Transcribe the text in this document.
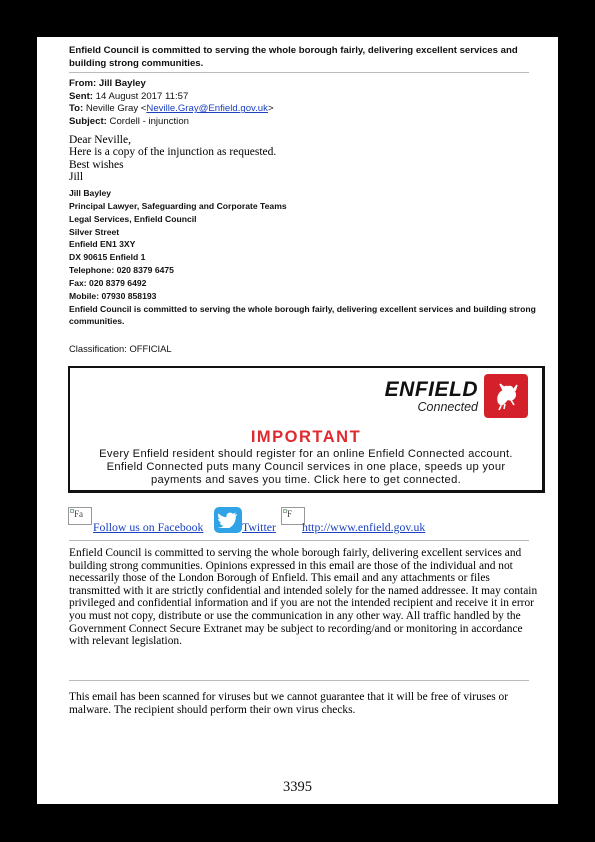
Enfield Council is committed to serving the whole borough fairly, delivering excellent services and building strong communities.
From: Jill Bayley
Sent: 14 August 2017 11:57
To: Neville Gray <Neville.Gray@Enfield.gov.uk>
Subject: Cordell - injunction
Dear Neville,
Here is a copy of the injunction as requested.
Best wishes
Jill
Jill Bayley
Principal Lawyer, Safeguarding and Corporate Teams
Legal Services, Enfield Council
Silver Street
Enfield EN1 3XY
DX 90615 Enfield 1
Telephone: 020 8379 6475
Fax: 020 8379 6492
Mobile: 07930 858193
Enfield Council is committed to serving the whole borough fairly, delivering excellent services and building strong communities.
Classification: OFFICIAL
ENFIELD
Connected
IMPORTANT
Every Enfield resident should register for an online Enfield Connected account.
Enfield Connected puts many Council services in one place, speeds up your
payments and saves you time. Click here to get connected.
Fa
Follow us on Facebook	Twitter
F
http://www.enfield.gov.uk
Enfield Council is committed to serving the whole borough fairly, delivering excellent services and building strong communities. Opinions expressed in this email are those of the individual and not necessarily those of the London Borough of Enfield. This email and any attachments or files transmitted with it are strictly confidential and intended solely for the named addressee. It may contain privileged and confidential information and if you are not the intended recipient and receive it in error you must not copy, distribute or use the communication in any other way. All traffic handled by the Government Connect Secure Extranet may be subject to recording/and or monitoring in accordance with relevant legislation.
This email has been scanned for viruses but we cannot guarantee that it will be free of viruses or malware. The recipient should perform their own virus checks.
3395
